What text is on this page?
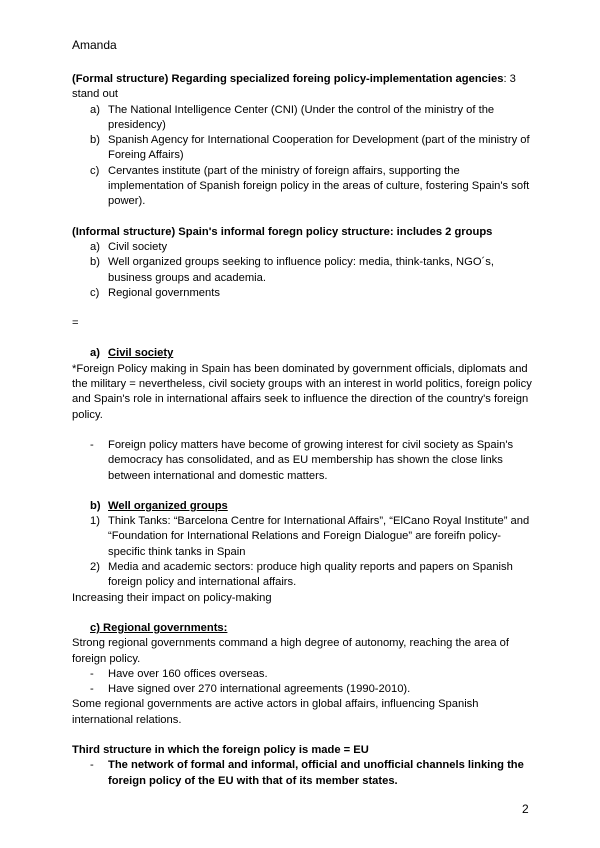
Amanda

(Formal structure) Regarding specialized foreing policy-implementation agencies: 3

stand out

a) The National Intelligence Center (CNI) (Under the control of the ministry of the presidency)
b) Spanish Agency for International Cooperation for Development (part of the ministry of Foreing Affairs)
c) Cervantes institute (part of the ministry of foreign affairs, supporting the implementation of Spanish foreign policy in the areas of culture, fostering Spain's soft power).

(Informal structure) Spain's informal foregn policy structure: includes 2 groups

a) Civil society
b) Well organized groups seeking to influence policy: media, think-tanks, NGO´s, business groups and academia.
c) Regional governments

=

a) Civil society

*Foreign Policy making in Spain has been dominated by government officials, diplomats and the military = nevertheless, civil society groups with an interest in world politics, foreign policy and Spain's role in international affairs seek to influence the direction of the country's foreign policy.

- Foreign policy matters have become of growing interest for civil society as Spain's democracy has consolidated, and as EU membership has shown the close links between international and domestic matters.

b) Well organized groups

1) Think Tanks: “Barcelona Centre for International Affairs”, “ElCano Royal Institute” and “Foundation for International Relations and Foreign Dialogue” are foreifn policy-specific think tanks in Spain
2) Media and academic sectors: produce high quality reports and papers on Spanish foreign policy and international affairs.

Increasing their impact on policy-making

c) Regional governments:

Strong regional governments command a high degree of autonomy, reaching the area of foreign policy.

- Have over 160 offices overseas.
- Have signed over 270 international agreements (1990-2010).

Some regional governments are active actors in global affairs, influencing Spanish international relations.

Third structure in which the foreign policy is made = EU

- The network of formal and informal, official and unofficial channels linking the foreign policy of the EU with that of its member states.
2
